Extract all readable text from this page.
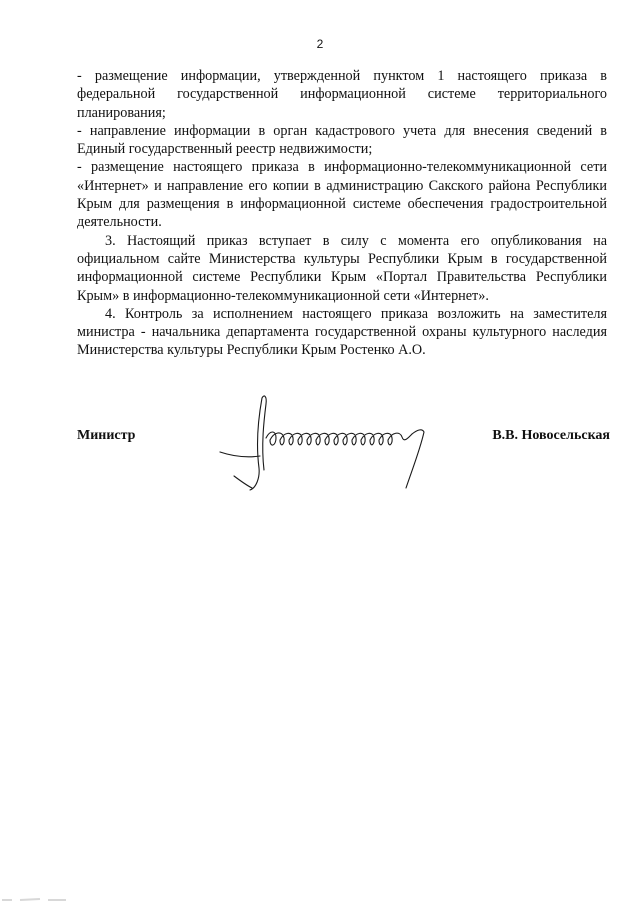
2

- размещение информации, утвержденной пунктом 1 настоящего приказа в федеральной государственной информационной системе территориального планирования;

- направление информации в орган кадастрового учета для внесения сведений в Единый государственный реестр недвижимости;

- размещение настоящего приказа в информационно-телекоммуникационной сети «Интернет» и направление его копии в администрацию Сакского района Республики Крым для размещения в информационной системе обеспечения градостроительной деятельности.

3. Настоящий приказ вступает в силу с момента его опубликования на официальном сайте Министерства культуры Республики Крым в государственной информационной системе Республики Крым «Портал Правительства Республики Крым» в информационно-телекоммуникационной сети «Интернет».

4. Контроль за исполнением настоящего приказа возложить на заместителя министра - начальника департамента государственной охраны культурного наследия Министерства культуры Республики Крым Ростенко А.О.

Министр	В.В. Новосельская
